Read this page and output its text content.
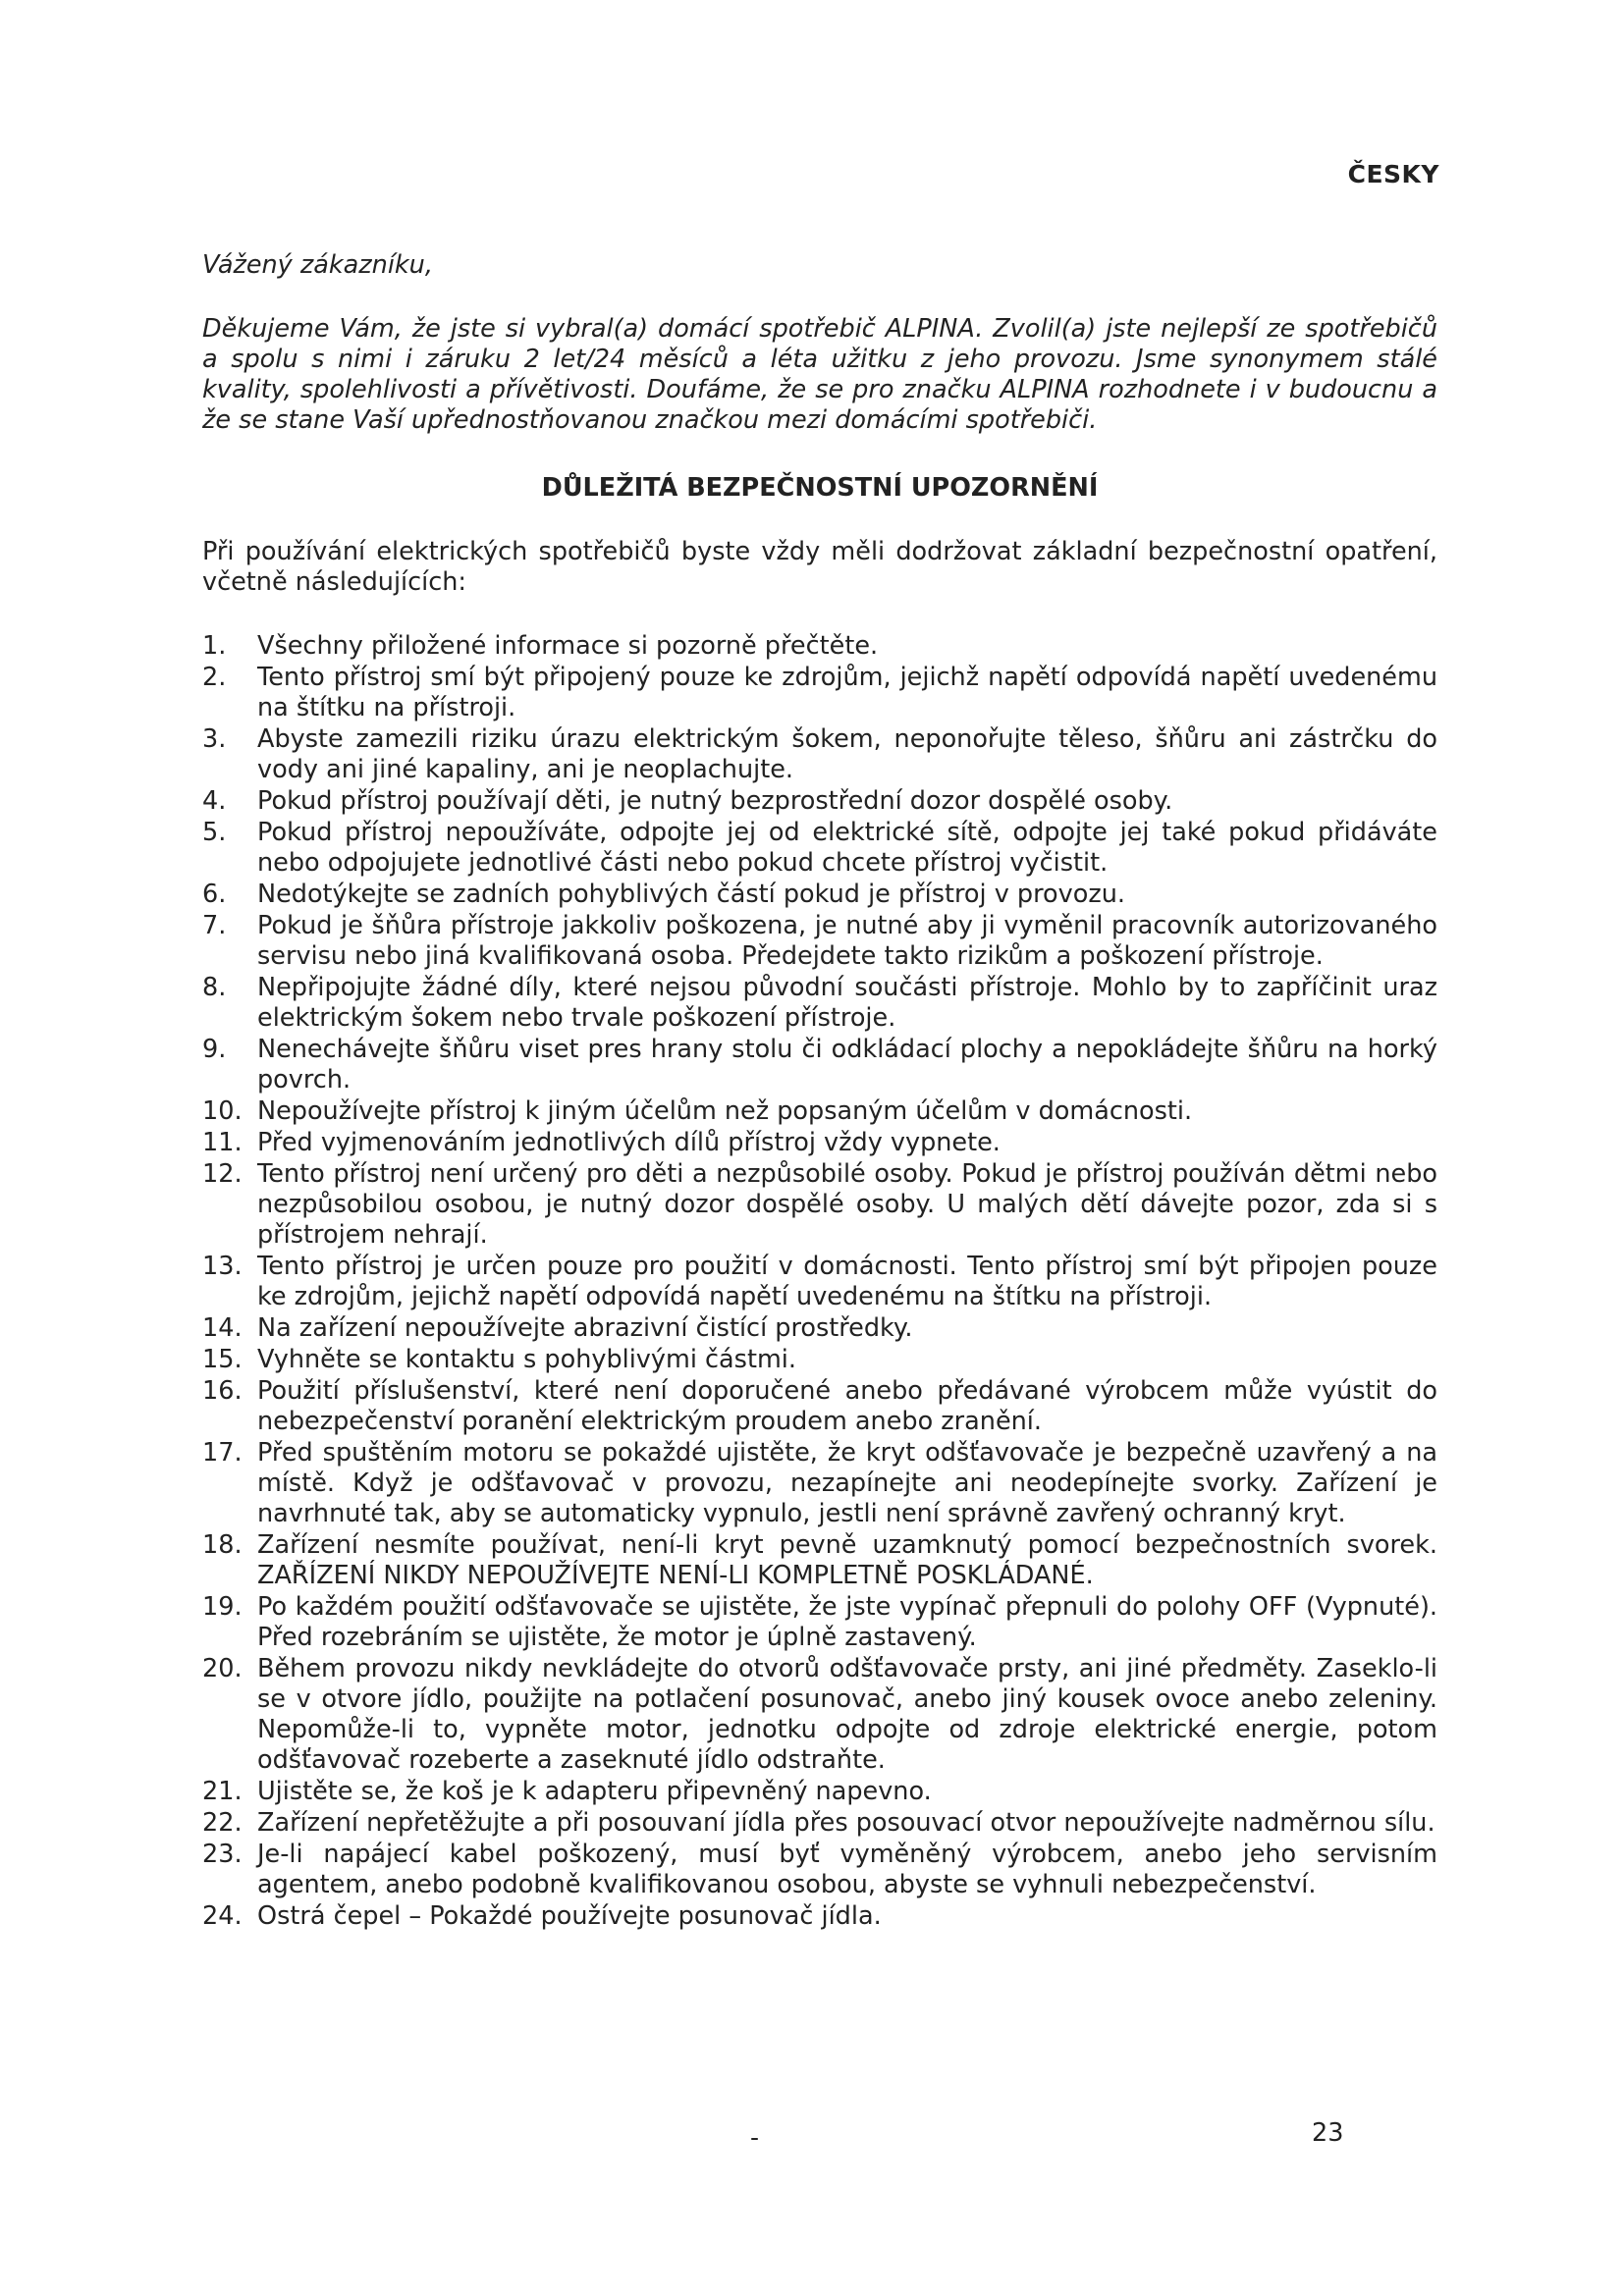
ČESKY

Vážený zákazníku,

Děkujeme Vám, že jste si vybral(a) domácí spotřebič ALPINA. Zvolil(a) jste nejlepší ze spotřebičů a spolu s nimi i záruku 2 let/24 měsíců a léta užitku z jeho provozu. Jsme synonymem stálé kvality, spolehlivosti a přívětivosti. Doufáme, že se pro značku ALPINA rozhodnete i v budoucnu a že se stane Vaší upřednostňovanou značkou mezi domácími spotřebiči.

DŮLEŽITÁ BEZPEČNOSTNÍ UPOZORNĚNÍ

Při používání elektrických spotřebičů byste vždy měli dodržovat základní bezpečnostní opatření, včetně následujících:

1.	Všechny přiložené informace si pozorně přečtěte.
2.	Tento přístroj smí být připojený pouze ke zdrojům, jejichž napětí odpovídá napětí uvedenému na štítku na přístroji.
3.	Abyste zamezili riziku úrazu elektrickým šokem, neponořujte těleso, šňůru ani zástrčku do vody ani jiné kapaliny, ani je neoplachujte.
4.	Pokud přístroj používají děti, je nutný bezprostřední dozor dospělé osoby.
5.	Pokud přístroj nepoužíváte, odpojte jej od elektrické sítě, odpojte jej také pokud přidáváte nebo odpojujete jednotlivé části nebo pokud chcete přístroj vyčistit.
6.	Nedotýkejte se zadních pohyblivých částí pokud je přístroj v provozu.
7.	Pokud je šňůra přístroje jakkoliv poškozena, je nutné aby ji vyměnil pracovník autorizovaného servisu nebo jiná kvalifikovaná osoba. Předejdete takto rizikům a poškození přístroje.
8.	Nepřipojujte žádné díly, které nejsou původní součásti přístroje. Mohlo by to zapříčinit uraz elektrickým šokem nebo trvale poškození přístroje.
9.	Nenechávejte šňůru viset pres hrany stolu či odkládací plochy a nepokládejte šňůru na horký povrch.
10. Nepoužívejte přístroj k jiným účelům než popsaným účelům v domácnosti.
11. Před vyjmenováním jednotlivých dílů přístroj vždy vypnete.
12. Tento přístroj není určený pro děti a nezpůsobilé osoby. Pokud je přístroj používán dětmi nebo nezpůsobilou osobou, je nutný dozor dospělé osoby. U malých dětí dávejte pozor, zda si s přístrojem nehrají.
13. Tento přístroj je určen pouze pro použití v domácnosti. Tento přístroj smí být připojen pouze ke zdrojům, jejichž napětí odpovídá napětí uvedenému na štítku na přístroji.
14. Na zařízení nepoužívejte abrazivní čistící prostředky.
15. Vyhněte se kontaktu s pohyblivými částmi.
16. Použití příslušenství, které není doporučené anebo předávané výrobcem může vyústit do nebezpečenství poranění elektrickým proudem anebo zranění.
17. Před spuštěním motoru se pokaždé ujistěte, že kryt odšťavovače je bezpečně uzavřený a na místě. Když je odšťavovač v provozu, nezapínejte ani neodepínejte svorky. Zařízení je navrhnuté tak, aby se automaticky vypnulo, jestli není správně zavřený ochranný kryt.
18. Zařízení nesmíte používat, není-li kryt pevně uzamknutý pomocí bezpečnostních svorek. ZAŘÍZENÍ NIKDY NEPOUŽÍVEJTE NENÍ-LI KOMPLETNĚ POSKLÁDANÉ.
19. Po každém použití odšťavovače se ujistěte, že jste vypínač přepnuli do polohy OFF (Vypnuté). Před rozebráním se ujistěte, že motor je úplně zastavený.
20. Během provozu nikdy nevkládejte do otvorů odšťavovače prsty, ani jiné předměty. Zaseklo-li se v otvore jídlo, použijte na potlačení posunovač, anebo jiný kousek ovoce anebo zeleniny. Nepomůže-li to, vypněte motor, jednotku odpojte od zdroje elektrické energie, potom odšťavovač rozeberte a zaseknuté jídlo odstraňte.
21. Ujistěte se, že koš je k adapteru připevněný napevno.
22. Zařízení nepřetěžujte a při posouvaní jídla přes posouvací otvor nepoužívejte nadměrnou sílu.
23. Je-li napájecí kabel poškozený, musí byť vyměněný výrobcem, anebo jeho servisním agentem, anebo podobně kvalifikovanou osobou, abyste se vyhnuli nebezpečenství.
24. Ostrá čepel – Pokaždé používejte posunovač jídla.
-	23
